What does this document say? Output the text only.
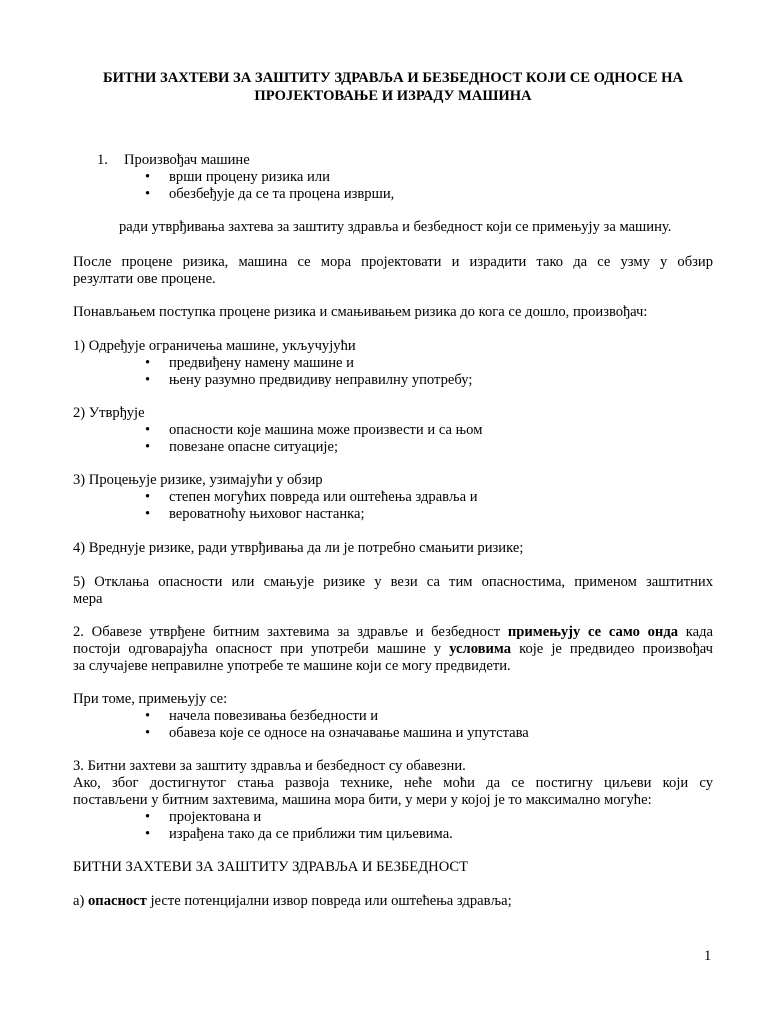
БИТНИ ЗАХТЕВИ ЗА ЗАШТИТУ ЗДРАВЉА И БЕЗБЕДНОСТ КОЈИ СЕ ОДНОСЕ НА
ПРОЈЕКТОВАЊЕ И ИЗРАДУ МАШИНА
1. Произвођач машине
• врши процену ризика или
• обезбеђује да се та процена изврши,
ради утврђивања захтева за заштиту здравља и безбедност који се примењују за машину.
После процене ризика, машина се мора пројектовати и израдити тако да се узму у обзир
резултати ове процене.
Понављањем поступка процене ризика и смањивањем ризика до кога се дошло, произвођач:
1) Одређује ограничења машине, укључујући
• предвиђену намену машине и
• њену разумно предвидиву неправилну употребу;
2) Утврђује
• опасности које машина може произвести и са њом
• повезане опасне ситуације;
3) Процењује ризике, узимајући у обзир
• степен могућих повреда или оштећења здравља и
• вероватноћу њиховог настанка;
4) Вреднује ризике, ради утврђивања да ли је потребно смањити ризике;
5) Отклања опасности или смањује ризике у вези са тим опасностима, применом заштитних
мера
2. Обавезе утврђене битним захтевима за здравље и безбедност примењују се само онда када
постоји одговарајућа опасност при употреби машине у условима које је предвидео произвођач
за случајеве неправилне употребе те машине који се могу предвидети.
При томе, примењују се:
• начела повезивања безбедности и
• обавеза које се односе на означавање машина и упутстава
3. Битни захтеви за заштиту здравља и безбедност су обавезни.
Ако, због достигнутог стања развоја технике, неће моћи да се постигну циљеви који су
постављени у битним захтевима, машина мора бити, у мери у којој је то максимално могуће:
• пројектована и
• израђена тако да се приближи тим циљевима.
БИТНИ ЗАХТЕВИ ЗА ЗАШТИТУ ЗДРАВЉА И БЕЗБЕДНОСТ
а) опасност јесте потенцијални извор повреда или оштећења здравља;
1
